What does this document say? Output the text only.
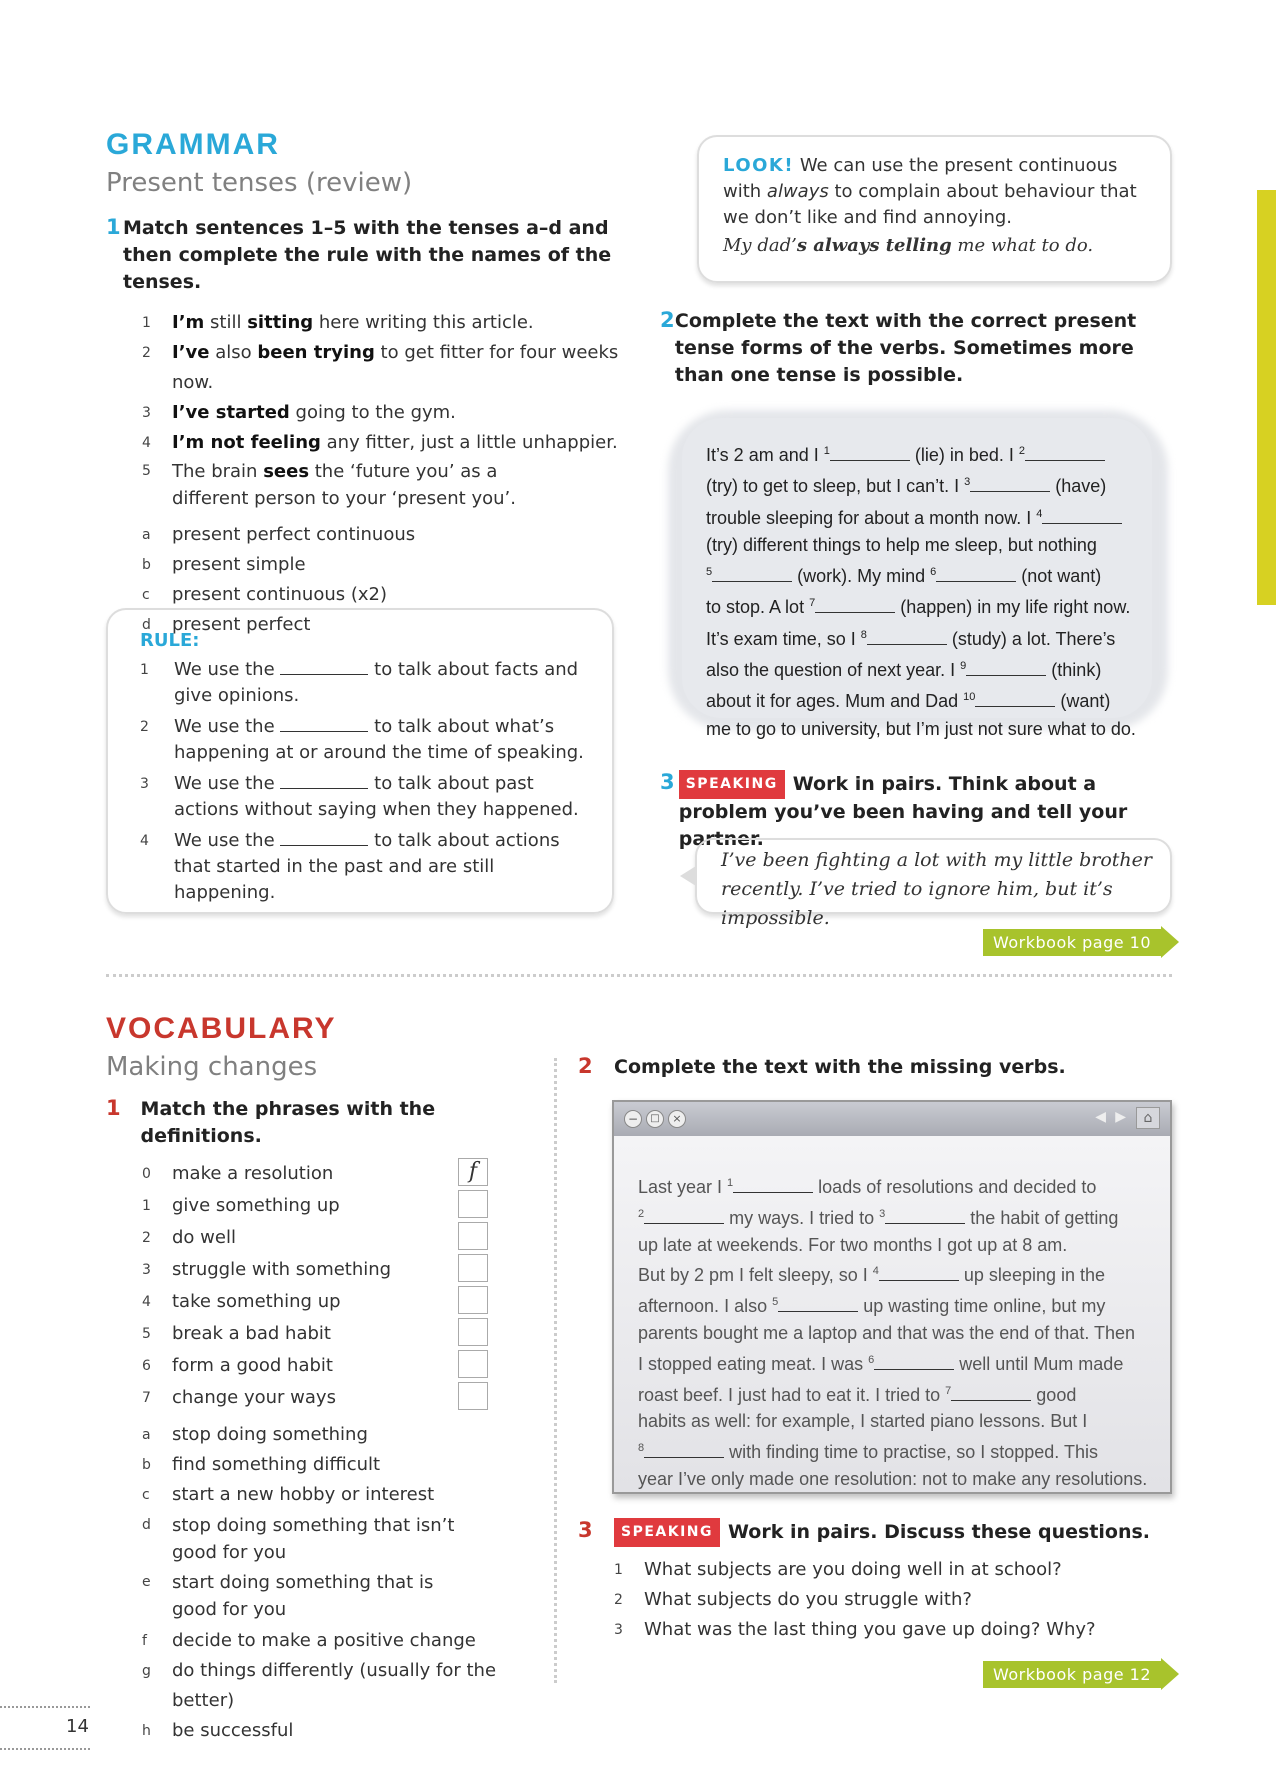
GRAMMAR
Present tenses (review)
1 Match sentences 1–5 with the tenses a–d and then complete the rule with the names of the tenses.
1	I’m still sitting here writing this article.
2	I’ve also been trying to get fitter for four weeks now.
3	I’ve started going to the gym.
4	I’m not feeling any fitter, just a little unhappier.
5	The brain sees the ‘future you’ as a different person to your ‘present you’.
a	present perfect continuous
b	present simple
c	present continuous (x2)
d	present perfect
RULE:
1	We use the	to talk about facts and give opinions.
2	We use the	to talk about what’s happening at or around the time of speaking.
3	We use the	to talk about past actions without saying when they happened.
4	We use the	to talk about actions that started in the past and are still happening.
LOOK! We can use the present continuous with always to complain about behaviour that we don’t like and find annoying.
My dad’s always telling me what to do.
2 Complete the text with the correct present tense forms of the verbs. Sometimes more than one tense is possible.
It’s 2 am and I $^1$	(lie) in bed. I $^2$
(try) to get to sleep, but I can’t. I $^3$	(have)
trouble sleeping for about a month now. I $^4$
(try) different things to help me sleep, but nothing
$^5$	(work). My mind $^6$	(not want)
to stop. A lot $^7$	(happen) in my life right now.
It’s exam time, so I $^8$	(study) a lot. There’s
also the question of next year. I $^9$	(think)
about it for ages. Mum and Dad $^{10}$	(want)
me to go to university, but I’m just not sure what to do.
3 SPEAKING Work in pairs. Think about a problem you’ve been having and tell your partner.
I’ve been fighting a lot with my little brother recently. I’ve tried to ignore him, but it’s impossible.
Workbook page 10
VOCABULARY
Making changes
1	Match the phrases with the definitions.
0	make a resolution	f
1	give something up
2	do well
3	struggle with something
4	take something up
5	break a bad habit
6	form a good habit
7	change your ways
a	stop doing something
b	find something difficult
c	start a new hobby or interest
d	stop doing something that isn’t good for you
e	start doing something that is good for you
f	decide to make a positive change
g	do things differently (usually for the better)
h	be successful
2	Complete the text with the missing verbs.
−	□	×	◀ ▶	⌂
Last year I $^1$	loads of resolutions and decided to
$^2$	my ways. I tried to $^3$	the habit of getting
up late at weekends. For two months I got up at 8 am.
But by 2 pm I felt sleepy, so I $^4$	up sleeping in the
afternoon. I also $^5$	up wasting time online, but my
parents bought me a laptop and that was the end of that. Then
I stopped eating meat. I was $^6$	well until Mum made
roast beef. I just had to eat it. I tried to $^7$	good
habits as well: for example, I started piano lessons. But I
$^8$	with finding time to practise, so I stopped. This
year I’ve only made one resolution: not to make any resolutions.
3	SPEAKING Work in pairs. Discuss these questions.
1	What subjects are you doing well in at school?
2	What subjects do you struggle with?
3	What was the last thing you gave up doing? Why?
Workbook page 12
14
